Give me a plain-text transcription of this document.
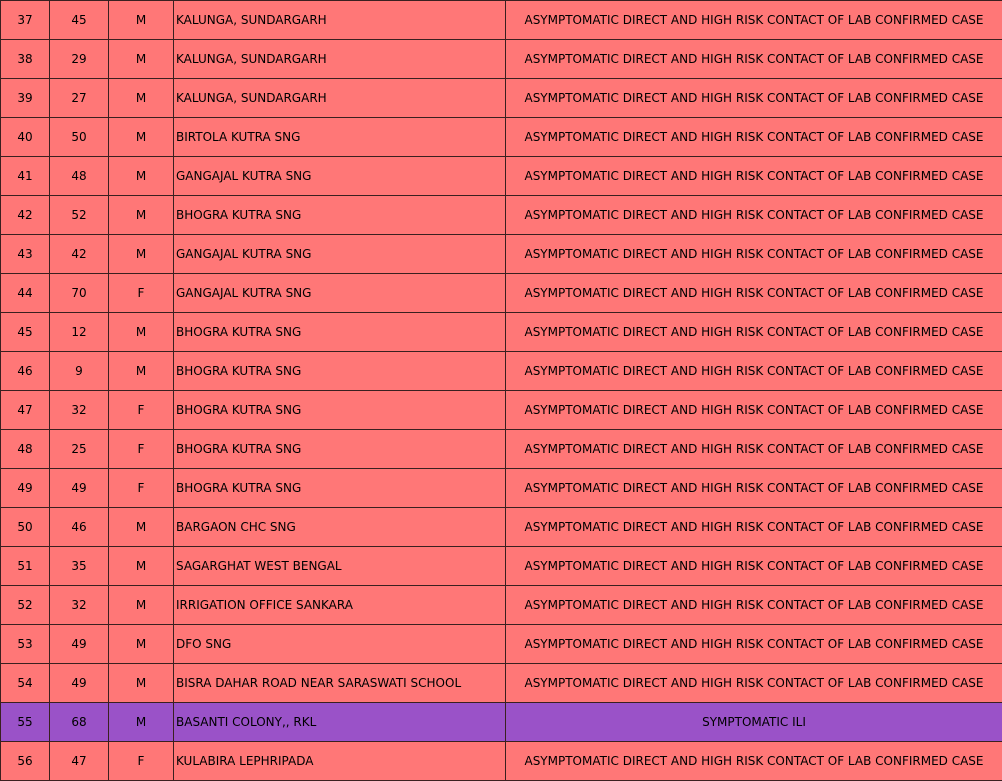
37	45	M	KALUNGA, SUNDARGARH	ASYMPTOMATIC DIRECT AND HIGH RISK CONTACT OF LAB CONFIRMED CASE
38	29	M	KALUNGA, SUNDARGARH	ASYMPTOMATIC DIRECT AND HIGH RISK CONTACT OF LAB CONFIRMED CASE
39	27	M	KALUNGA, SUNDARGARH	ASYMPTOMATIC DIRECT AND HIGH RISK CONTACT OF LAB CONFIRMED CASE
40	50	M	BIRTOLA KUTRA SNG	ASYMPTOMATIC DIRECT AND HIGH RISK CONTACT OF LAB CONFIRMED CASE
41	48	M	GANGAJAL KUTRA SNG	ASYMPTOMATIC DIRECT AND HIGH RISK CONTACT OF LAB CONFIRMED CASE
42	52	M	BHOGRA KUTRA SNG	ASYMPTOMATIC DIRECT AND HIGH RISK CONTACT OF LAB CONFIRMED CASE
43	42	M	GANGAJAL KUTRA SNG	ASYMPTOMATIC DIRECT AND HIGH RISK CONTACT OF LAB CONFIRMED CASE
44	70	F	GANGAJAL KUTRA SNG	ASYMPTOMATIC DIRECT AND HIGH RISK CONTACT OF LAB CONFIRMED CASE
45	12	M	BHOGRA KUTRA SNG	ASYMPTOMATIC DIRECT AND HIGH RISK CONTACT OF LAB CONFIRMED CASE
46	9	M	BHOGRA KUTRA SNG	ASYMPTOMATIC DIRECT AND HIGH RISK CONTACT OF LAB CONFIRMED CASE
47	32	F	BHOGRA KUTRA SNG	ASYMPTOMATIC DIRECT AND HIGH RISK CONTACT OF LAB CONFIRMED CASE
48	25	F	BHOGRA KUTRA SNG	ASYMPTOMATIC DIRECT AND HIGH RISK CONTACT OF LAB CONFIRMED CASE
49	49	F	BHOGRA KUTRA SNG	ASYMPTOMATIC DIRECT AND HIGH RISK CONTACT OF LAB CONFIRMED CASE
50	46	M	BARGAON CHC SNG	ASYMPTOMATIC DIRECT AND HIGH RISK CONTACT OF LAB CONFIRMED CASE
51	35	M	SAGARGHAT WEST BENGAL	ASYMPTOMATIC DIRECT AND HIGH RISK CONTACT OF LAB CONFIRMED CASE
52	32	M	IRRIGATION OFFICE SANKARA	ASYMPTOMATIC DIRECT AND HIGH RISK CONTACT OF LAB CONFIRMED CASE
53	49	M	DFO SNG	ASYMPTOMATIC DIRECT AND HIGH RISK CONTACT OF LAB CONFIRMED CASE
54	49	M	BISRA DAHAR ROAD NEAR SARASWATI SCHOOL	ASYMPTOMATIC DIRECT AND HIGH RISK CONTACT OF LAB CONFIRMED CASE
55	68	M	BASANTI COLONY,, RKL	SYMPTOMATIC ILI
56	47	F	KULABIRA LEPHRIPADA	ASYMPTOMATIC DIRECT AND HIGH RISK CONTACT OF LAB CONFIRMED CASE
